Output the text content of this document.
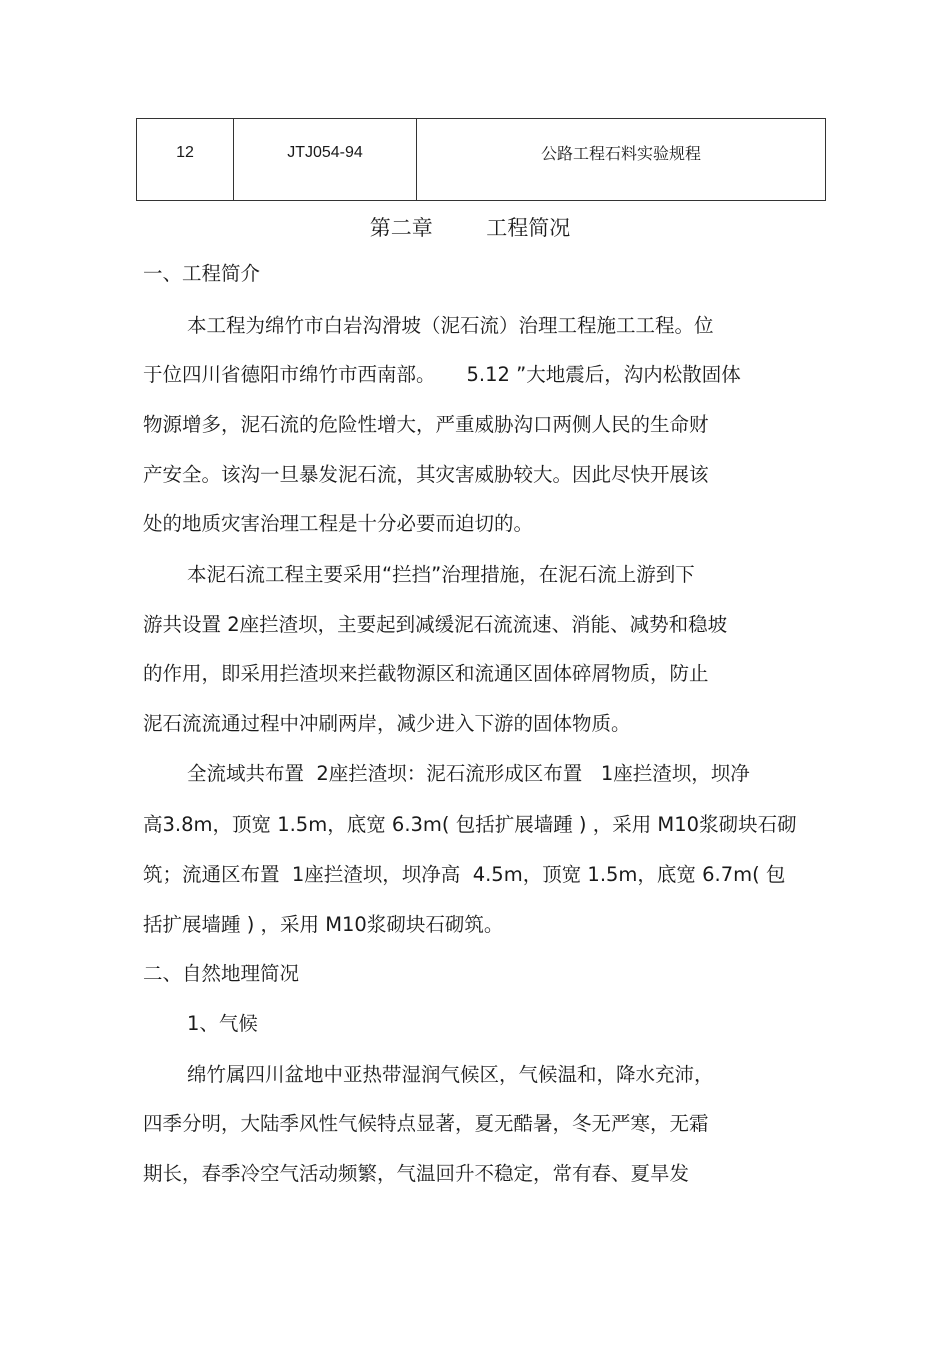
12	JTJ054-94	公路工程石料实验规程
第二章        工程简况
一、工程简介
本工程为绵竹市白岩沟滑坡（泥石流）治理工程施工工程。位
于位四川省德阳市绵竹市西南部。     5.12 ”大地震后，沟内松散固体
物源增多，泥石流的危险性增大，严重威胁沟口两侧人民的生命财
产安全。该沟一旦暴发泥石流，其灾害威胁较大。因此尽快开展该
处的地质灾害治理工程是十分必要而迫切的。
本泥石流工程主要采用“拦挡”治理措施，在泥石流上游到下
游共设置 2座拦渣坝，主要起到减缓泥石流流速、消能、减势和稳坡
的作用，即采用拦渣坝来拦截物源区和流通区固体碎屑物质，防止
泥石流流通过程中冲刷两岸，减少进入下游的固体物质。
全流域共布置  2座拦渣坝：泥石流形成区布置   1座拦渣坝，坝净
高3.8m，顶宽 1.5m，底宽 6.3m( 包括扩展墙踵 ) ，采用 M10浆砌块石砌
筑；流通区布置  1座拦渣坝，坝净高  4.5m，顶宽 1.5m，底宽 6.7m( 包
括扩展墙踵 ) ，采用 M10浆砌块石砌筑。
二、自然地理简况
1、气候
绵竹属四川盆地中亚热带湿润气候区，气候温和，降水充沛，
四季分明，大陆季风性气候特点显著，夏无酷暑，冬无严寒，无霜
期长，春季冷空气活动频繁，气温回升不稳定，常有春、夏旱发
